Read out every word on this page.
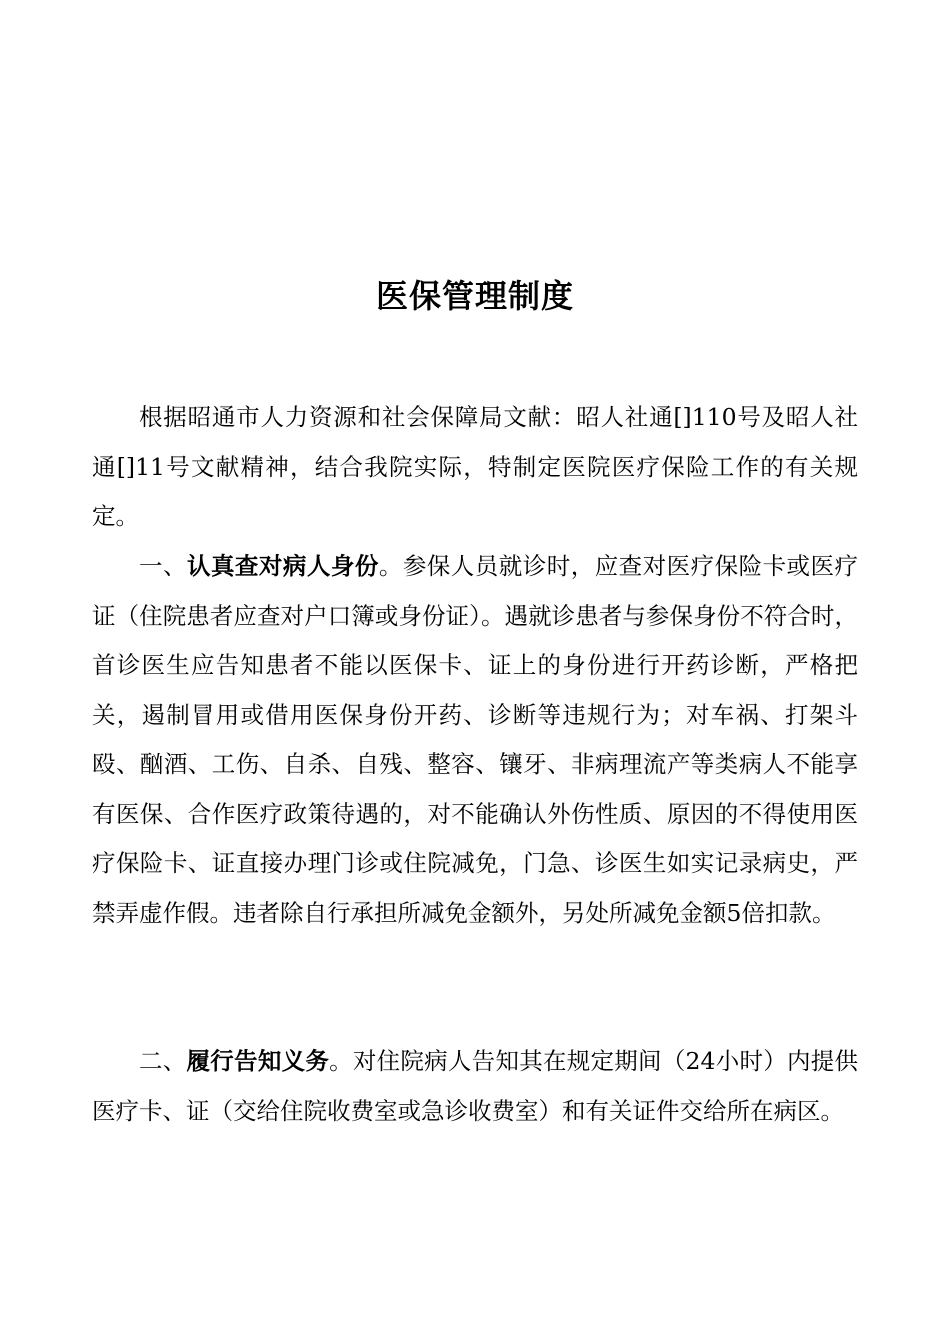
医保管理制度

根据昭通市人力资源和社会保障局文献：昭人社通[]110号及昭人社通[]11号文献精神，结合我院实际，特制定医院医疗保险工作的有关规定。

一、认真查对病人身份。参保人员就诊时，应查对医疗保险卡或医疗证（住院患者应查对户口簿或身份证）。遇就诊患者与参保身份不符合时，首诊医生应告知患者不能以医保卡、证上的身份进行开药诊断，严格把关，遏制冒用或借用医保身份开药、诊断等违规行为；对车祸、打架斗殴、酗酒、工伤、自杀、自残、整容、镶牙、非病理流产等类病人不能享有医保、合作医疗政策待遇的，对不能确认外伤性质、原因的不得使用医疗保险卡、证直接办理门诊或住院减免，门急、诊医生如实记录病史，严禁弄虚作假。违者除自行承担所减免金额外，另处所减免金额5倍扣款。

二、履行告知义务。对住院病人告知其在规定期间（24小时）内提供医疗卡、证（交给住院收费室或急诊收费室）和有关证件交给所在病区。
